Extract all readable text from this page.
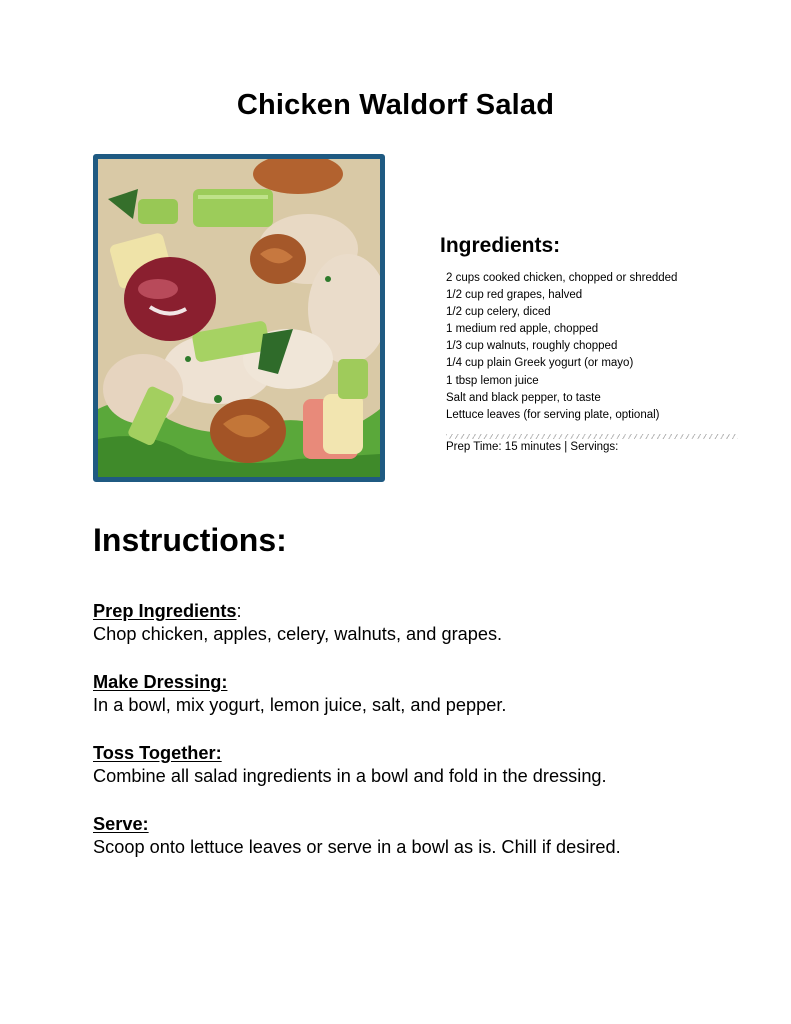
Chicken Waldorf Salad
Ingredients:
2 cups cooked chicken, chopped or shredded
1/2 cup red grapes, halved
1/2 cup celery, diced
1 medium red apple, chopped
1/3 cup walnuts, roughly chopped
1/4 cup plain Greek yogurt (or mayo)
1 tbsp lemon juice
Salt and black pepper, to taste
Lettuce leaves (for serving plate, optional)
Prep Time: 15 minutes | Servings:
Instructions:
Prep Ingredients:
Chop chicken, apples, celery, walnuts, and grapes.
Make Dressing:
In a bowl, mix yogurt, lemon juice, salt, and pepper.
Toss Together:
Combine all salad ingredients in a bowl and fold in the dressing.
Serve:
Scoop onto lettuce leaves or serve in a bowl as is. Chill if desired.
